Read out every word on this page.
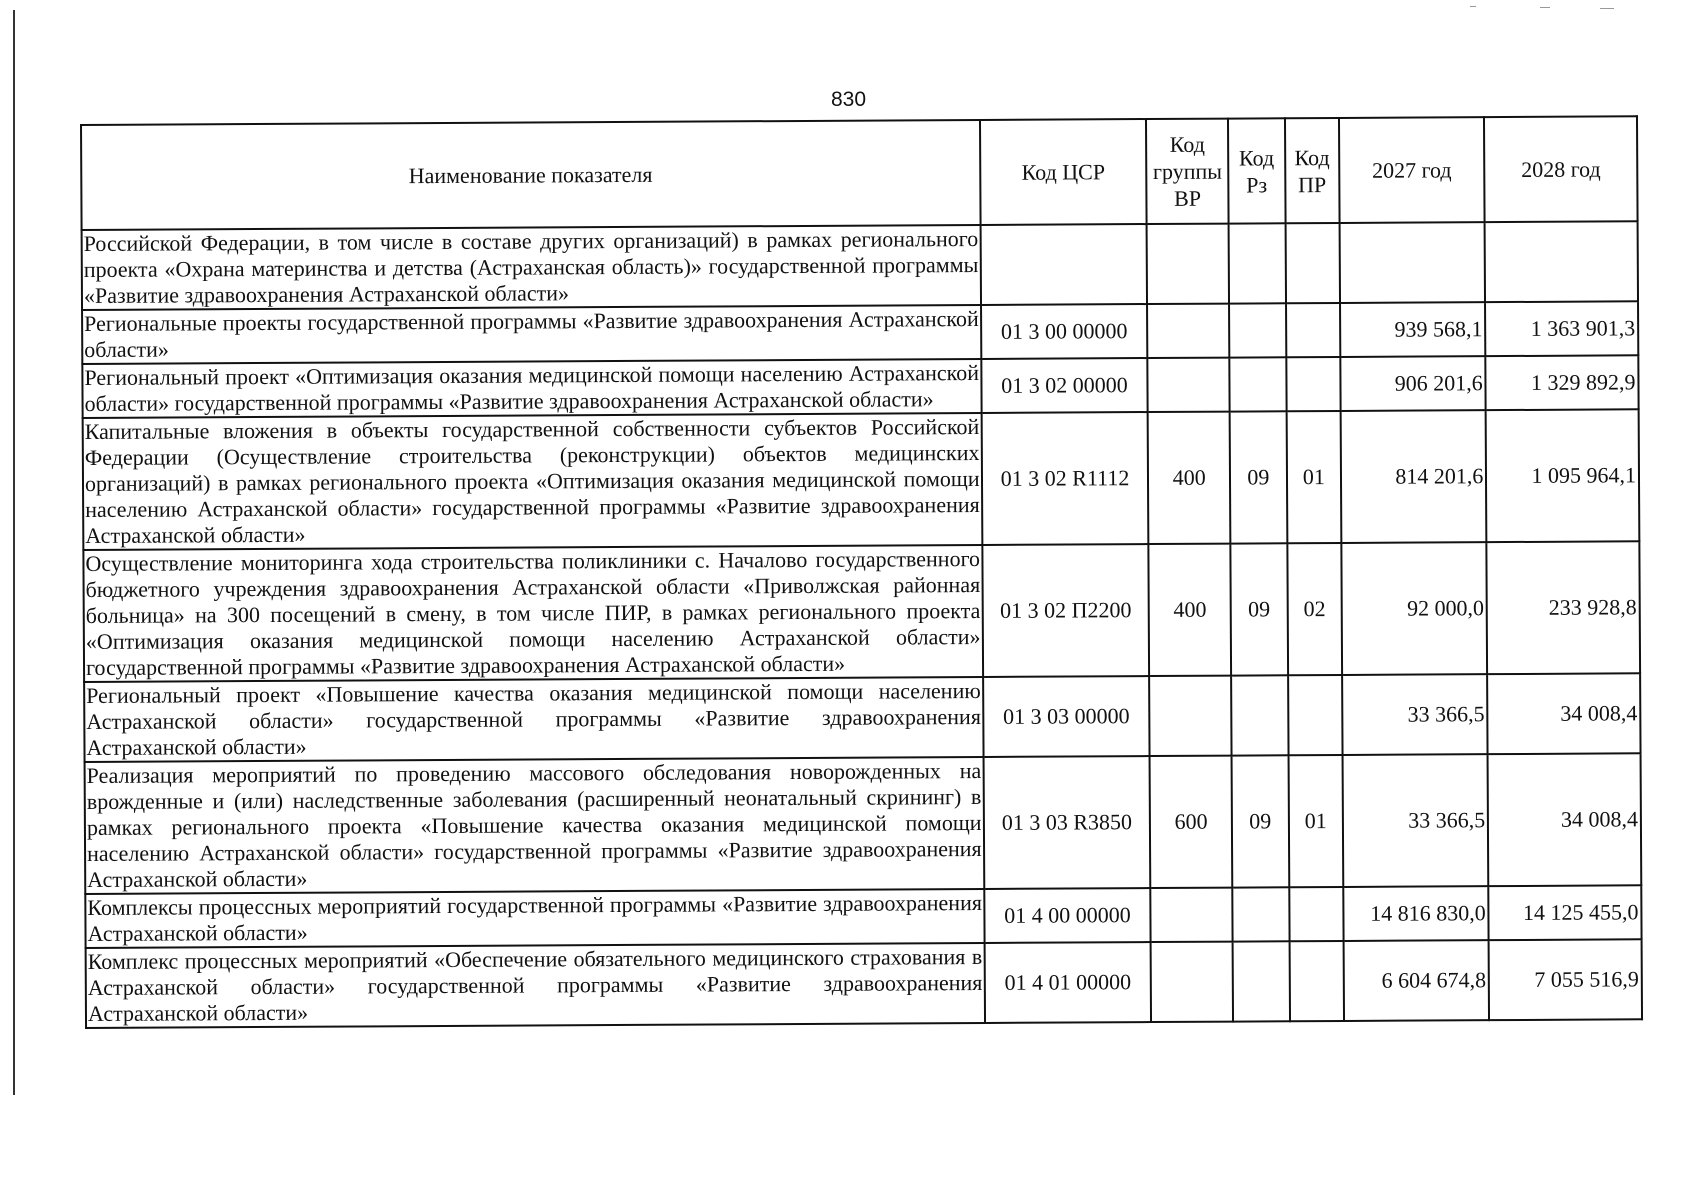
830
Наименование показателя	Код ЦСР	Код группы ВР	Код Рз	Код ПР	2027 год	2028 год
Российской Федерации, в том числе в составе других организаций) в рамках регионального проекта «Охрана материнства и детства (Астраханская область)» государственной программы «Развитие здравоохранения Астраханской области»						
Региональные проекты государственной программы «Развитие здравоохранения Астраханской области»	01 3 00 00000				939 568,1	1 363 901,3
Региональный проект «Оптимизация оказания медицинской помощи населению Астраханской области» государственной программы «Развитие здравоохранения Астраханской области»	01 3 02 00000				906 201,6	1 329 892,9
Капитальные вложения в объекты государственной собственности субъектов Российской Федерации (Осуществление строительства (реконструкции) объектов медицинских организаций) в рамках регионального проекта «Оптимизация оказания медицинской помощи населению Астраханской области» государственной программы «Развитие здравоохранения Астраханской области»	01 3 02 R1112	400	09	01	814 201,6	1 095 964,1
Осуществление мониторинга хода строительства поликлиники с. Началово государственного бюджетного учреждения здравоохранения Астраханской области «Приволжская районная больница» на 300 посещений в смену, в том числе ПИР, в рамках регионального проекта «Оптимизация оказания медицинской помощи населению Астраханской области» государственной программы «Развитие здравоохранения Астраханской области»	01 3 02 П2200	400	09	02	92 000,0	233 928,8
Региональный проект «Повышение качества оказания медицинской помощи населению Астраханской области» государственной программы «Развитие здравоохранения Астраханской области»	01 3 03 00000				33 366,5	34 008,4
Реализация мероприятий по проведению массового обследования новорожденных на врожденные и (или) наследственные заболевания (расширенный неонатальный скрининг) в рамках регионального проекта «Повышение качества оказания медицинской помощи населению Астраханской области» государственной программы «Развитие здравоохранения Астраханской области»	01 3 03 R3850	600	09	01	33 366,5	34 008,4
Комплексы процессных мероприятий государственной программы «Развитие здравоохранения Астраханской области»	01 4 00 00000				14 816 830,0	14 125 455,0
Комплекс процессных мероприятий «Обеспечение обязательного медицинского страхования в Астраханской области» государственной программы «Развитие здравоохранения Астраханской области»	01 4 01 00000				6 604 674,8	7 055 516,9
